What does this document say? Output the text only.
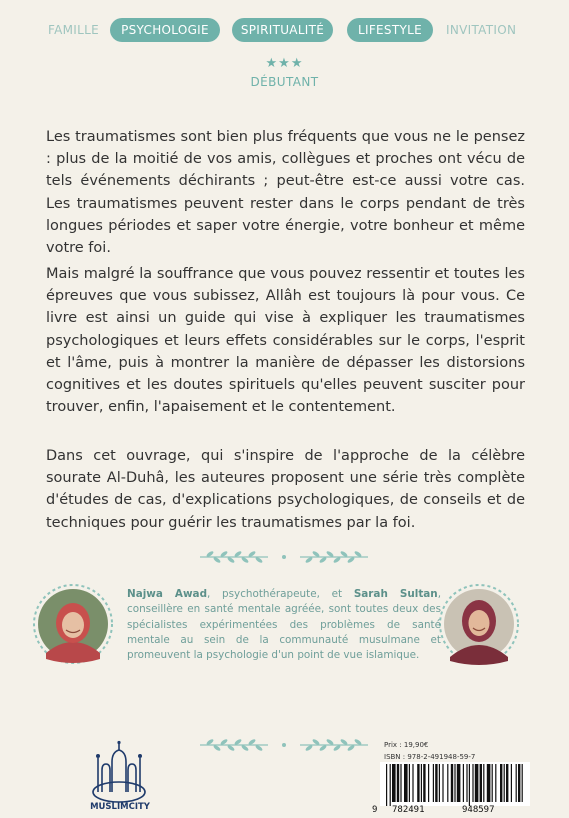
FAMILLE	PSYCHOLOGIE	SPIRITUALITÉ	LIFESTYLE	INVITATION
★★★
DÉBUTANT

Les traumatismes sont bien plus fréquents que vous ne le pensez : plus de la moitié de vos amis, collègues et proches ont vécu de tels événements déchirants ; peut-être est-ce aussi votre cas. Les traumatismes peuvent rester dans le corps pendant de très longues périodes et saper votre énergie, votre bonheur et même votre foi.

Mais malgré la souffrance que vous pouvez ressentir et toutes les épreuves que vous subissez, Allâh est toujours là pour vous. Ce livre est ainsi un guide qui vise à expliquer les traumatismes psychologiques et leurs effets considérables sur le corps, l'esprit et l'âme, puis à montrer la manière de dépasser les distorsions cognitives et les doutes spirituels qu'elles peuvent susciter pour trouver, enfin, l'apaisement et le contentement.

Dans cet ouvrage, qui s'inspire de l'approche de la célèbre sourate Al-Duhâ, les auteures proposent une série très complète d'études de cas, d'explications psychologiques, de conseils et de techniques pour guérir les traumatismes par la foi.

Najwa Awad, psychothérapeute, et Sarah Sultan, conseillère en santé mentale agréée, sont toutes deux des spécialistes expérimentées des problèmes de santé mentale au sein de la communauté musulmane et promeuvent la psychologie d'un point de vue islamique.

MUSLIMCITY
Prix : 19,90€
ISBN : 978-2-491948-59-7
9 782491	948597
